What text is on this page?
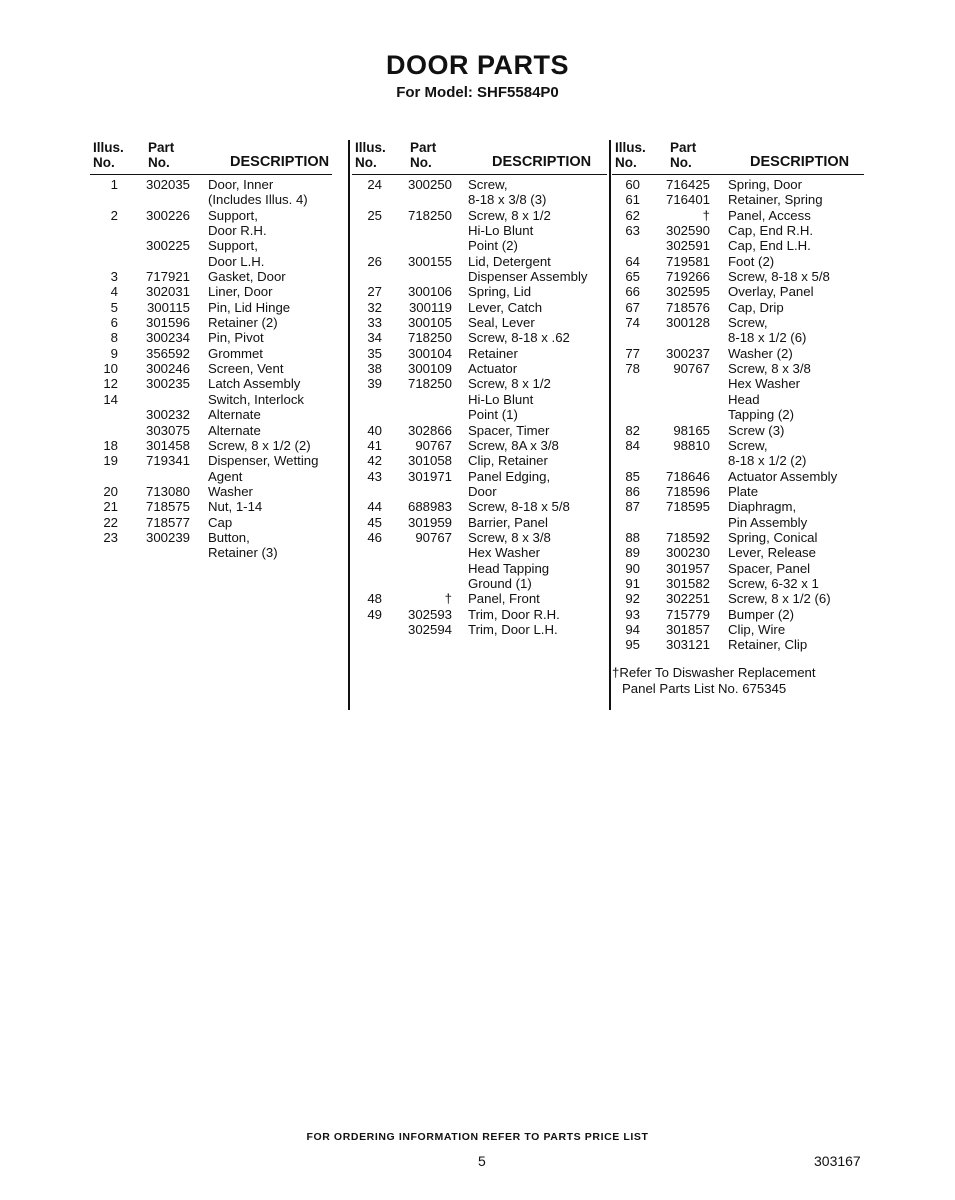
DOOR PARTS
For Model: SHF5584P0
Illus.
No.
Part
No.	DESCRIPTION
1	302035 Door, Inner
(Includes Illus. 4)
2	300226 Support,
Door R.H.
300225 Support,
Door L.H.
3	717921 Gasket, Door
4	302031 Liner, Door
5	300115 Pin, Lid Hinge
6	301596 Retainer (2)
8	300234 Pin, Pivot
9	356592 Grommet
10	300246 Screen, Vent
12	300235 Latch Assembly
14	Switch, Interlock
300232 Alternate
303075 Alternate
18	301458 Screw, 8 x 1/2 (2)
19	719341 Dispenser, Wetting
Agent
20	713080 Washer
21	718575 Nut, 1-14
22	718577 Cap
23	300239 Button,
Retainer (3)
Illus.
No.
Part
No.	DESCRIPTION
24	300250 Screw,
8-18 x 3/8 (3)
25	718250 Screw, 8 x 1/2
Hi-Lo Blunt
Point (2)
26	300155 Lid, Detergent
Dispenser Assembly
27	300106 Spring, Lid
32	300119 Lever, Catch
33	300105 Seal, Lever
34	718250 Screw, 8-18 x .62
35	300104 Retainer
38	300109 Actuator
39	718250 Screw, 8 x 1/2
Hi-Lo Blunt
Point (1)
40	302866 Spacer, Timer
41	90767 Screw, 8A x 3/8
42	301058 Clip, Retainer
43	301971 Panel Edging,
Door
44	688983 Screw, 8-18 x 5/8
45	301959 Barrier, Panel
46	90767 Screw, 8 x 3/8
Hex Washer
Head Tapping
Ground (1)
48	† Panel, Front
49	302593 Trim, Door R.H.
302594 Trim, Door L.H.
Illus.
No.
Part
No.	DESCRIPTION
60	716425 Spring, Door
61	716401 Retainer, Spring
62	† Panel, Access
63	302590 Cap, End R.H.
302591 Cap, End L.H.
64	719581 Foot (2)
65	719266 Screw, 8-18 x 5/8
66	302595 Overlay, Panel
67	718576 Cap, Drip
74	300128 Screw,
8-18 x 1/2 (6)
77	300237 Washer (2)
78	90767 Screw, 8 x 3/8
Hex Washer
Head
Tapping (2)
82	98165 Screw (3)
84	98810 Screw,
8-18 x 1/2 (2)
85	718646 Actuator Assembly
86	718596 Plate
87	718595 Diaphragm,
Pin Assembly
88	718592 Spring, Conical
89	300230 Lever, Release
90	301957 Spacer, Panel
91	301582 Screw, 6-32 x 1
92	302251 Screw, 8 x 1/2 (6)
93	715779 Bumper (2)
94	301857 Clip, Wire
95	303121 Retainer, Clip
†Refer To Diswasher Replacement
Panel Parts List No. 675345
FOR ORDERING INFORMATION REFER TO PARTS PRICE LIST
5	303167
